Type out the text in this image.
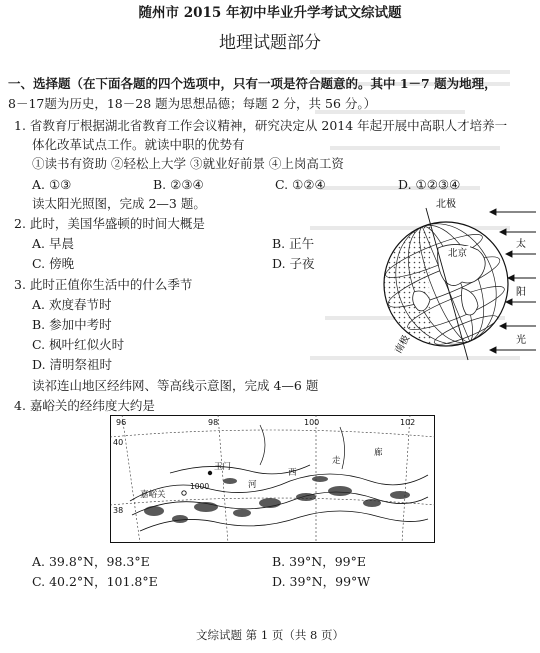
随州市 2015 年初中毕业升学考试文综试题
地理试题部分
一、选择题（在下面各题的四个选项中，只有一项是符合题意的。其中 1－7 题为地理，
8－17题为历史，18－28 题为思想品德；每题 2 分，共 56 分。）
1. 省教育厅根据湖北省教育工作会议精神，研究决定从 2014 年起开展中高职人才培养一
体化改革试点工作。就读中职的优势有
①读书有资助 ②轻松上大学 ③就业好前景 ④上岗高工资
A. ①③	B. ②③④	C. ①②④	D. ①②③④
读太阳光照图，完成 2—3 题。
2. 此时，美国华盛顿的时间大概是
A. 早晨	B. 正午
C. 傍晚	D. 子夜
3. 此时正值你生活中的什么季节
A. 欢度春节时
B. 参加中考时
C. 枫叶红似火时
D. 清明祭祖时
读祁连山地区经纬网、等高线示意图，完成 4—6 题
4. 嘉峪关的经纬度大约是
北极
北京
南极
太
阳
光
96	98	100	102
40
38
玉门
嘉峪关
1000	河
西
走
廊
A. 39.8°N，98.3°E	B. 39°N，99°E
C. 40.2°N，101.8°E	D. 39°N，99°W
文综试题 第 1 页（共 8 页）
